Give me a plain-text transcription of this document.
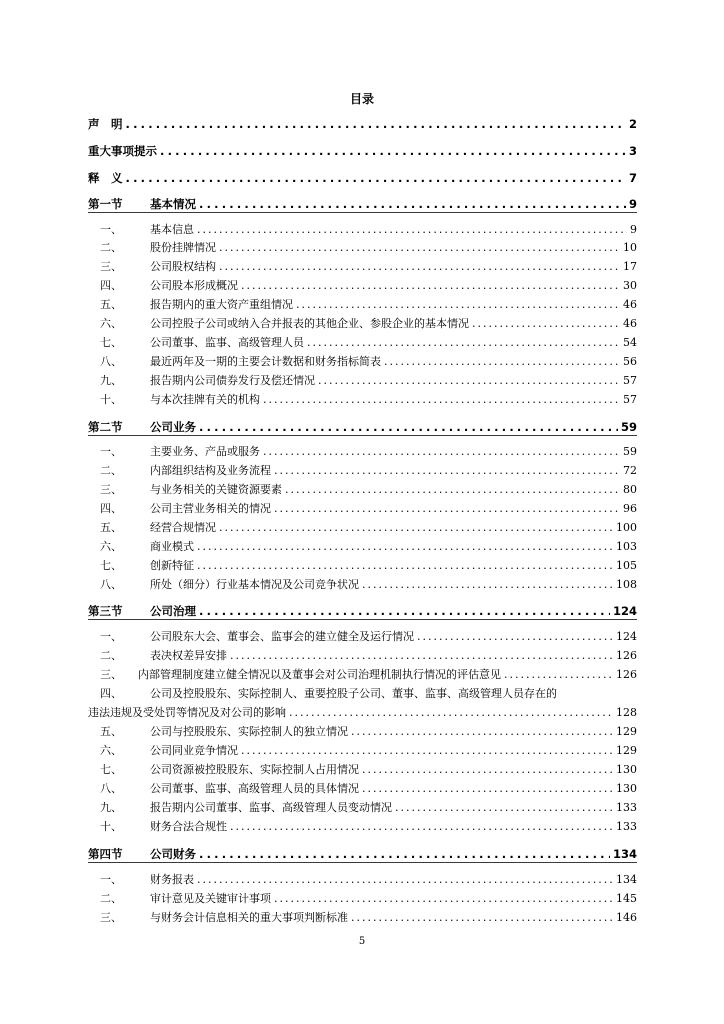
目录
声　明 .....	2
重大事项提示 .....	3
释　义 .....	7
第一节	基本情况 .....	9
一、	基本信息 .....	9
二、	股份挂牌情况 .....	10
三、	公司股权结构 .....	17
四、	公司股本形成概况 .....	30
五、	报告期内的重大资产重组情况 .....	46
六、	公司控股子公司或纳入合并报表的其他企业、参股企业的基本情况 .....	46
七、	公司董事、监事、高级管理人员 .....	54
八、	最近两年及一期的主要会计数据和财务指标简表 .....	56
九、	报告期内公司债券发行及偿还情况 .....	57
十、	与本次挂牌有关的机构 .....	57
第二节	公司业务 .....	59
一、	主要业务、产品或服务 .....	59
二、	内部组织结构及业务流程 .....	72
三、	与业务相关的关键资源要素 .....	80
四、	公司主营业务相关的情况 .....	96
五、	经营合规情况 .....	100
六、	商业模式 .....	103
七、	创新特征 .....	105
八、	所处（细分）行业基本情况及公司竞争状况 .....	108
第三节	公司治理 .....	124
一、	公司股东大会、董事会、监事会的建立健全及运行情况 .....	124
二、	表决权差异安排 .....	126
三、	内部管理制度建立健全情况以及董事会对公司治理机制执行情况的评估意见 .....	126
四、	公司及控股股东、实际控制人、重要控股子公司、董事、监事、高级管理人员存在的
违法违规及受处罚等情况及对公司的影响 .....	128
五、	公司与控股股东、实际控制人的独立情况 .....	129
六、	公司同业竞争情况 .....	129
七、	公司资源被控股股东、实际控制人占用情况 .....	130
八、	公司董事、监事、高级管理人员的具体情况 .....	130
九、	报告期内公司董事、监事、高级管理人员变动情况 .....	133
十、	财务合法合规性 .....	133
第四节	公司财务 .....	134
一、	财务报表 .....	134
二、	审计意见及关键审计事项 .....	145
三、	与财务会计信息相关的重大事项判断标准 .....	146
5
